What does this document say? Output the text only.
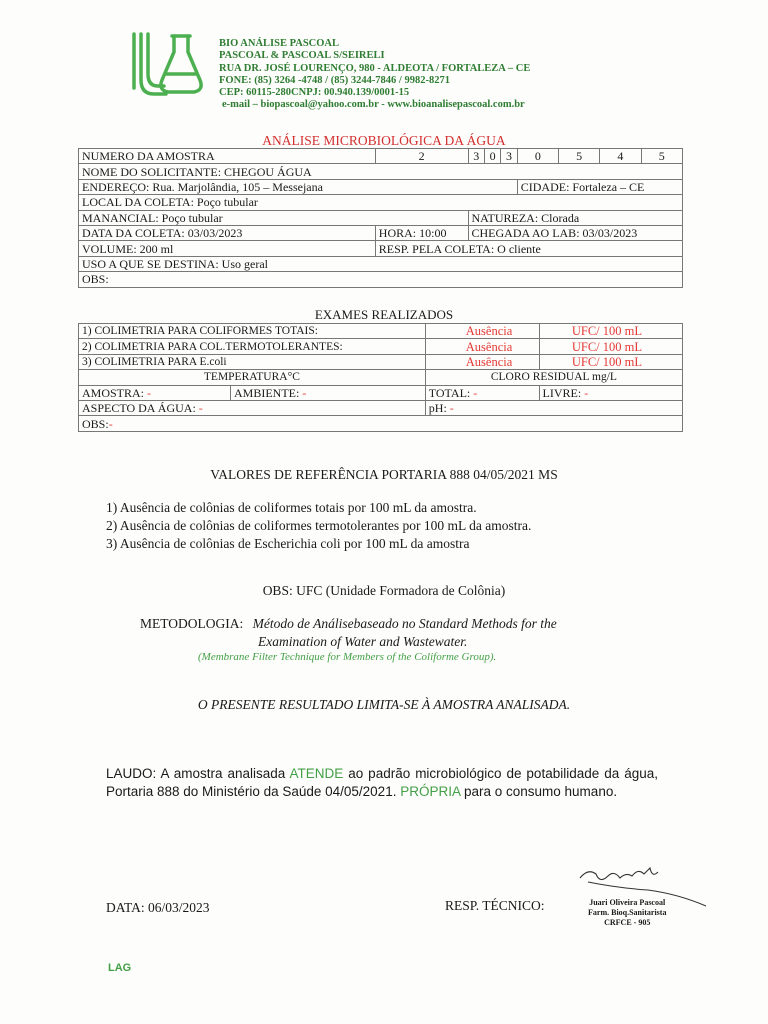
BIO ANÁLISE PASCOAL
PASCOAL & PASCOAL S/SEIRELI
RUA DR. JOSÉ LOURENÇO, 980 - ALDEOTA / FORTALEZA – CE
FONE: (85) 3264 -4748 / (85) 3244-7846 / 9982-8271
CEP: 60115-280CNPJ: 00.940.139/0001-15
e-mail – biopascoal@yahoo.com.br - www.bioanalisepascoal.com.br
ANÁLISE MICROBIOLÓGICA DA ÁGUA
NUMERO DA AMOSTRA	2	3	0	3	0	5	4	5
NOME DO SOLICITANTE: CHEGOU ÁGUA								
ENDEREÇO: Rua. Marjolândia, 105 – Messejana					CIDADE: Fortaleza – CE			
LOCAL DA COLETA: Poço tubular								
MANANCIAL: Poço tubular		NATUREZA: Clorada						
DATA DA COLETA: 03/03/2023	HORA: 10:00	CHEGADA AO LAB: 03/03/2023						
VOLUME: 200 ml	RESP. PELA COLETA: O cliente							
USO A QUE SE DESTINA: Uso geral								
OBS:								
EXAMES REALIZADOS
1) COLIMETRIA PARA COLIFORMES TOTAIS:		Ausência	UFC/ 100 mL
2) COLIMETRIA PARA COL.TERMOTOLERANTES:		Ausência	UFC/ 100 mL
3) COLIMETRIA PARA E.coli		Ausência	UFC/ 100 mL
TEMPERATURA°C		CLORO RESIDUAL mg/L	
AMOSTRA: -	AMBIENTE: -	TOTAL: -	LIVRE: -
ASPECTO DA ÁGUA: -		pH: -	
OBS:-			
VALORES DE REFERÊNCIA PORTARIA 888 04/05/2021 MS
1) Ausência de colônias de coliformes totais por 100 mL da amostra.
2) Ausência de colônias de coliformes termotolerantes por 100 mL da amostra.
3) Ausência de colônias de Escherichia coli por 100 mL da amostra
OBS: UFC (Unidade Formadora de Colônia)
METODOLOGIA: Método de Análisebaseado no Standard Methods for the
Examination of Water and Wastewater.
(Membrane Filter Technique for Members of the Coliforme Group).
O PRESENTE RESULTADO LIMITA-SE À AMOSTRA ANALISADA.
LAUDO: A amostra analisada ATENDE ao padrão microbiológico de potabilidade da água, Portaria 888 do Ministério da Saúde 04/05/2021. PRÓPRIA para o consumo humano.
DATA: 06/03/2023	RESP. TÉCNICO:	Juari Oliveira Pascoal
Farm. Bioq.Sanitarista
CRFCE - 905
LAG
